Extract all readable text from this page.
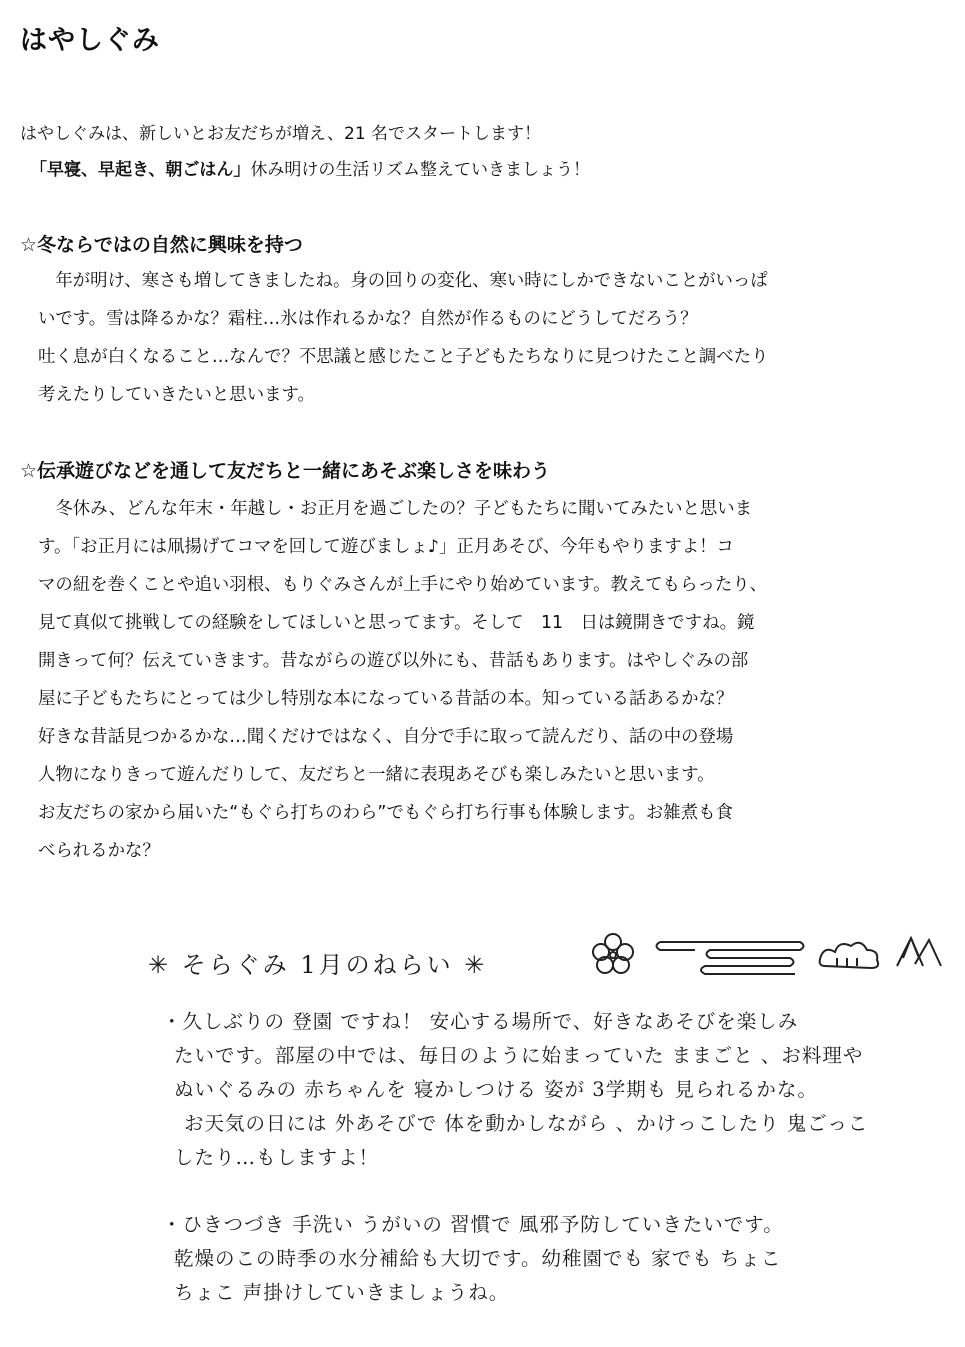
はやしぐみ
はやしぐみは、新しいとお友だちが増え、21 名でスタートします！
「早寝、早起き、朝ごはん」休み明けの生活リズム整えていきましょう！
☆冬ならではの自然に興味を持つ
　年が明け、寒さも増してきましたね。身の回りの変化、寒い時にしかできないことがいっぱ
いです。雪は降るかな？霜柱…氷は作れるかな？自然が作るものにどうしてだろう？
吐く息が白くなること…なんで？不思議と感じたこと子どもたちなりに見つけたこと調べたり
考えたりしていきたいと思います。
☆伝承遊びなどを通して友だちと一緒にあそぶ楽しさを味わう
　冬休み、どんな年末・年越し・お正月を過ごしたの？子どもたちに聞いてみたいと思いま
す。「お正月には凧揚げてコマを回して遊びましょ♪」正月あそび、今年もやりますよ！コ
マの紐を巻くことや追い羽根、もりぐみさんが上手にやり始めています。教えてもらったり、
見て真似て挑戦しての経験をしてほしいと思ってます。そして　11　日は鏡開きですね。鏡
開きって何？伝えていきます。昔ながらの遊び以外にも、昔話もあります。はやしぐみの部
屋に子どもたちにとっては少し特別な本になっている昔話の本。知っている話あるかな？
好きな昔話見つかるかな…聞くだけではなく、自分で手に取って読んだり、話の中の登場
人物になりきって遊んだりして、友だちと一緒に表現あそびも楽しみたいと思います。
お友だちの家から届いた“もぐら打ちのわら”でもぐら打ち行事も体験します。お雑煮も食
べられるかな？
✳ そらぐみ 1月のねらい ✳
・久しぶりの 登園 ですね！ 安心する場所で、好きなあそびを楽しみ
たいです。部屋の中では、毎日のように始まっていた ままごと 、お料理や
ぬいぐるみの 赤ちゃんを 寝かしつける 姿が 3学期も 見られるかな。
お天気の日には 外あそびで 体を動かしながら 、かけっこしたり 鬼ごっこ
したり…もしますよ！
・ひきつづき 手洗い うがいの 習慣で 風邪予防していきたいです。
乾燥のこの時季の水分補給も大切です。幼稚園でも 家でも ちょこ
ちょこ 声掛けしていきましょうね。
